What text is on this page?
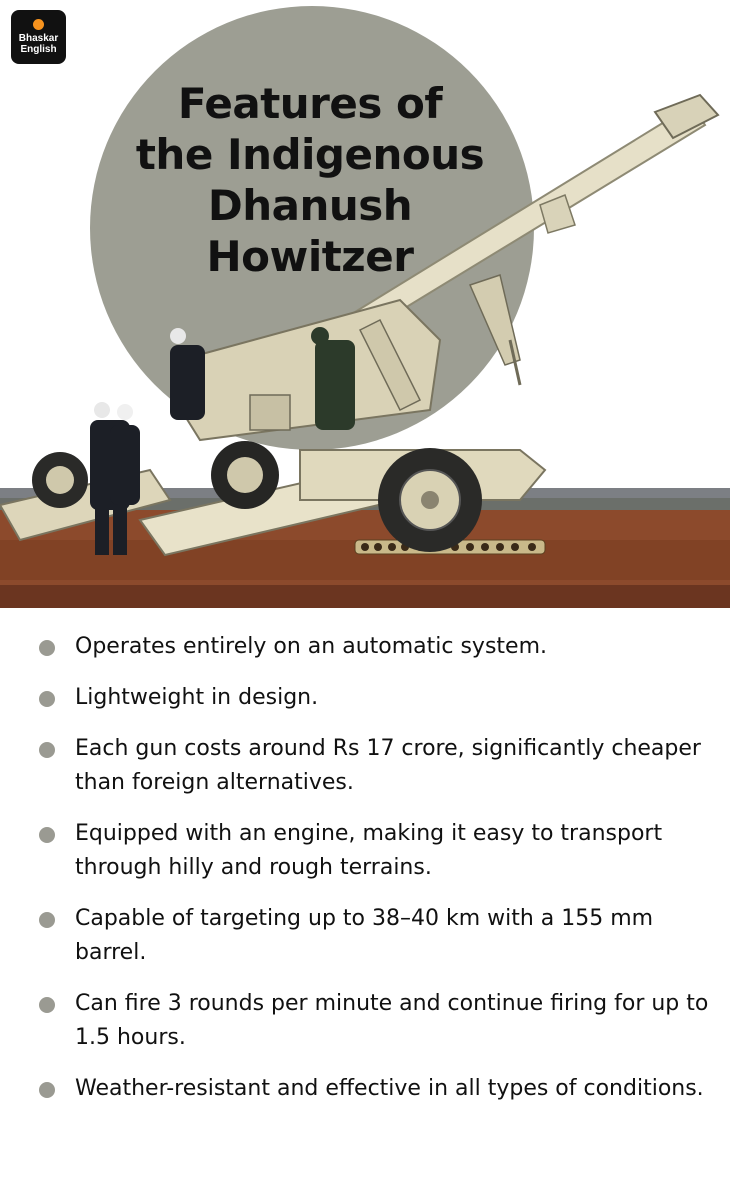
Bhaskar
English
Features of
the Indigenous
Dhanush
Howitzer
Operates entirely on an automatic system.
Lightweight in design.
Each gun costs around Rs 17 crore, significantly cheaper than foreign alternatives.
Equipped with an engine, making it easy to transport through hilly and rough terrains.
Capable of targeting up to 38–40 km with a 155 mm barrel.
Can fire 3 rounds per minute and continue firing for up to 1.5 hours.
Weather-resistant and effective in all types of conditions.
